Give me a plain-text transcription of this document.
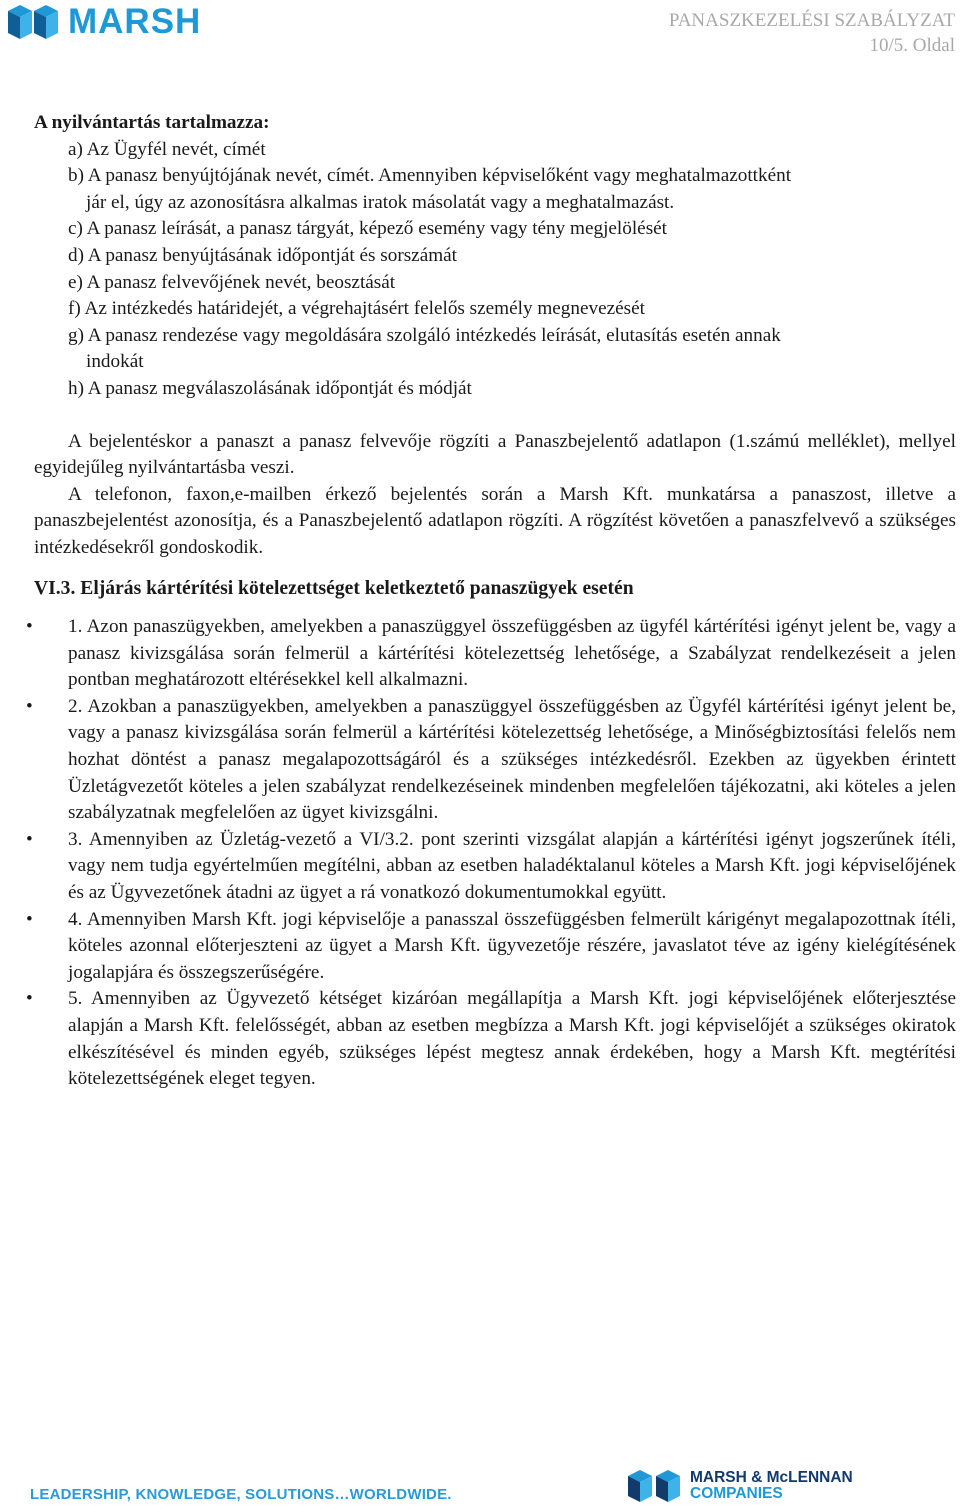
MARSH	PANASZKEZELÉSI SZABÁLYZAT
10/5. Oldal

A nyilvántartás tartalmazza:

a) Az Ügyfél nevét, címét

b) A panasz benyújtójának nevét, címét. Amennyiben képviselőként vagy meghatalmazottként

jár el, úgy az azonosításra alkalmas iratok másolatát vagy a meghatalmazást.

c) A panasz leírását, a panasz tárgyát, képező esemény vagy tény megjelölését

d) A panasz benyújtásának időpontját és sorszámát

e) A panasz felvevőjének nevét, beosztását

f) Az intézkedés határidejét, a végrehajtásért felelős személy megnevezését

g) A panasz rendezése vagy megoldására szolgáló intézkedés leírását, elutasítás esetén annak

indokát

h) A panasz megválaszolásának időpontját és módját

A bejelentéskor a panaszt a panasz felvevője rögzíti a Panaszbejelentő adatlapon (1.számú melléklet), mellyel egyidejűleg nyilvántartásba veszi.

A telefonon, faxon,e-mailben érkező bejelentés során a Marsh Kft. munkatársa a panaszost, illetve a panaszbejelentést azonosítja, és a Panaszbejelentő adatlapon rögzíti. A rögzítést követően a panaszfelvevő a szükséges intézkedésekről gondoskodik.

VI.3. Eljárás kártérítési kötelezettséget keletkeztető panaszügyek esetén

• 1. Azon panaszügyekben, amelyekben a panaszüggyel összefüggésben az ügyfél kártérítési igényt jelent be, vagy a panasz kivizsgálása során felmerül a kártérítési kötelezettség lehetősége, a Szabályzat rendelkezéseit a jelen pontban meghatározott eltérésekkel kell alkalmazni.
• 2. Azokban a panaszügyekben, amelyekben a panaszüggyel összefüggésben az Ügyfél kártérítési igényt jelent be, vagy a panasz kivizsgálása során felmerül a kártérítési kötelezettség lehetősége, a Minőségbiztosítási felelős nem hozhat döntést a panasz megalapozottságáról és a szükséges intézkedésről. Ezekben az ügyekben érintett Üzletágvezetőt köteles a jelen szabályzat rendelkezéseinek mindenben megfelelően tájékozatni, aki köteles a jelen szabályzatnak megfelelően az ügyet kivizsgálni.
• 3. Amennyiben az Üzletág-vezető a VI/3.2. pont szerinti vizsgálat alapján a kártérítési igényt jogszerűnek ítéli, vagy nem tudja egyértelműen megítélni, abban az esetben haladéktalanul köteles a Marsh Kft. jogi képviselőjének és az Ügyvezetőnek átadni az ügyet a rá vonatkozó dokumentumokkal együtt.
• 4. Amennyiben Marsh Kft. jogi képviselője a panasszal összefüggésben felmerült kárigényt megalapozottnak ítéli, köteles azonnal előterjeszteni az ügyet a Marsh Kft. ügyvezetője részére, javaslatot téve az igény kielégítésének jogalapjára és összegszerűségére.
• 5. Amennyiben az Ügyvezető kétséget kizáróan megállapítja a Marsh Kft. jogi képviselőjének előterjesztése alapján a Marsh Kft. felelősségét, abban az esetben megbízza a Marsh Kft. jogi képviselőjét a szükséges okiratok elkészítésével és minden egyéb, szükséges lépést megtesz annak érdekében, hogy a Marsh Kft. megtérítési kötelezettségének eleget tegyen.
LEADERSHIP, KNOWLEDGE, SOLUTIONS…WORLDWIDE.
MARSH & McLENNAN
COMPANIES
